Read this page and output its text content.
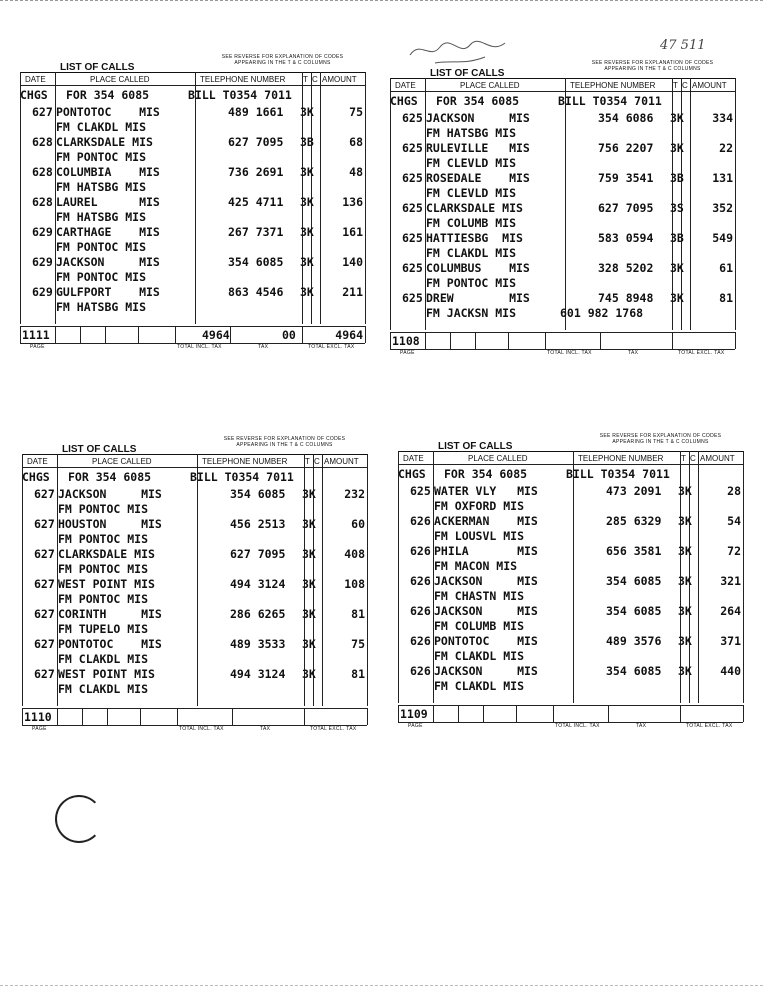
47 511
LIST OF CALLS
SEE REVERSE FOR EXPLANATION OF CODES
APPEARING IN THE T & C COLUMNS
DATE	PLACE CALLED	TELEPHONE NUMBER T C AMOUNT
CHGS FOR 354 6085	BILL T0354 7011
627 PONTOTOC    MIS	489 1661 3K	75
FM CLAKDL MIS
628 CLARKSDALE MIS	627 7095 3B	68
FM PONTOC MIS
628 COLUMBIA    MIS	736 2691 3K	48
FM HATSBG MIS
628 LAUREL      MIS	425 4711 3K 136
FM HATSBG MIS
629 CARTHAGE    MIS	267 7371 3K 161
FM PONTOC MIS
629 JACKSON     MIS	354 6085 3K 140
FM PONTOC MIS
629 GULFPORT    MIS	863 4546 3K 211
FM HATSBG MIS
1111	4964	00	4964
PAGE	TOTAL INCL. TAX	TAX	TOTAL EXCL. TAX
LIST OF CALLS
SEE REVERSE FOR EXPLANATION OF CODES
APPEARING IN THE T & C COLUMNS
DATE	PLACE CALLED	TELEPHONE NUMBER T C AMOUNT
CHGS FOR 354 6085	BILL T0354 7011
625 JACKSON     MIS	354 6086 3K 334
FM HATSBG MIS
625 RULEVILLE   MIS	756 2207 3K	22
FM CLEVLD MIS
625 ROSEDALE    MIS	759 3541 3B 131
FM CLEVLD MIS
625 CLARKSDALE MIS	627 7095 3S 352
FM COLUMB MIS
625 HATTIESBG  MIS	583 0594 3B 549
FM CLAKDL MIS
625 COLUMBUS    MIS	328 5202 3K	61
FM PONTOC MIS
625 DREW        MIS	745 8948 3K	81
FM JACKSN MIS	601 982 1768
1108
PAGE	TOTAL INCL. TAX	TAX	TOTAL EXCL. TAX
LIST OF CALLS
SEE REVERSE FOR EXPLANATION OF CODES
APPEARING IN THE T & C COLUMNS
DATE	PLACE CALLED	TELEPHONE NUMBER T C AMOUNT
CHGS FOR 354 6085	BILL T0354 7011
627 JACKSON     MIS	354 6085 3K 232
FM PONTOC MIS
627 HOUSTON     MIS	456 2513 3K	60
FM PONTOC MIS
627 CLARKSDALE MIS	627 7095 3K 408
FM PONTOC MIS
627 WEST POINT MIS	494 3124 3K 108
FM PONTOC MIS
627 CORINTH     MIS	286 6265 3K	81
FM TUPELO MIS
627 PONTOTOC    MIS	489 3533 3K	75
FM CLAKDL MIS
627 WEST POINT MIS	494 3124 3K	81
FM CLAKDL MIS
1110
PAGE	TOTAL INCL. TAX	TAX	TOTAL EXCL. TAX
LIST OF CALLS
SEE REVERSE FOR EXPLANATION OF CODES
APPEARING IN THE T & C COLUMNS
DATE	PLACE CALLED	TELEPHONE NUMBER T C AMOUNT
CHGS FOR 354 6085	BILL T0354 7011
625 WATER VLY   MIS	473 2091 3K	28
FM OXFORD MIS
626 ACKERMAN    MIS	285 6329 3K	54
FM LOUSVL MIS
626 PHILA       MIS	656 3581 3K	72
FM MACON MIS
626 JACKSON     MIS	354 6085 3K 321
FM CHASTN MIS
626 JACKSON     MIS	354 6085 3K 264
FM COLUMB MIS
626 PONTOTOC    MIS	489 3576 3K 371
FM CLAKDL MIS
626 JACKSON     MIS	354 6085 3K 440
FM CLAKDL MIS
1109
PAGE	TOTAL INCL. TAX	TAX	TOTAL EXCL. TAX
